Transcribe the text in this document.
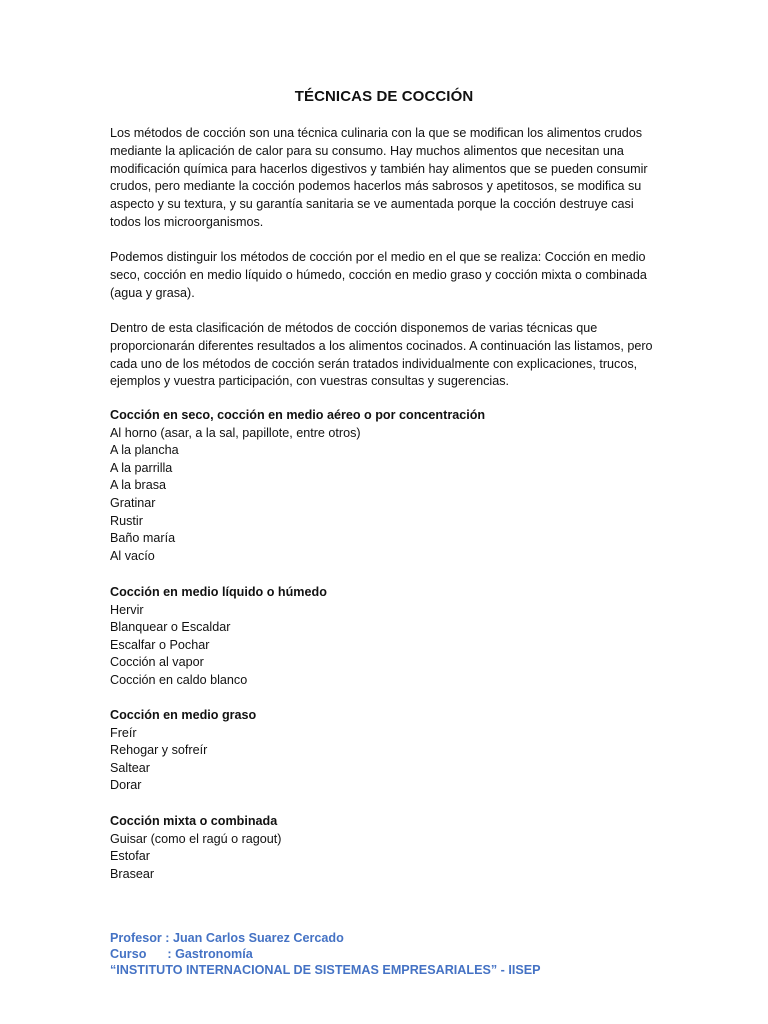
TÉCNICAS DE COCCIÓN

Los métodos de cocción son una técnica culinaria con la que se modifican los alimentos crudos mediante la aplicación de calor para su consumo. Hay muchos alimentos que necesitan una modificación química para hacerlos digestivos y también hay alimentos que se pueden consumir crudos, pero mediante la cocción podemos hacerlos más sabrosos y apetitosos, se modifica su aspecto y su textura, y su garantía sanitaria se ve aumentada porque la cocción destruye casi todos los microorganismos.

Podemos distinguir los métodos de cocción por el medio en el que se realiza: Cocción en medio seco, cocción en medio líquido o húmedo, cocción en medio graso y cocción mixta o combinada (agua y grasa).

Dentro de esta clasificación de métodos de cocción disponemos de varias técnicas que proporcionarán diferentes resultados a los alimentos cocinados. A continuación las listamos, pero cada uno de los métodos de cocción serán tratados individualmente con explicaciones, trucos, ejemplos y vuestra participación, con vuestras consultas y sugerencias.

Cocción en seco, cocción en medio aéreo o por concentración
Al horno (asar, a la sal, papillote, entre otros)
A la plancha
A la parrilla
A la brasa
Gratinar
Rustir
Baño maría
Al vacío
Cocción en medio líquido o húmedo
Hervir
Blanquear o Escaldar
Escalfar o Pochar
Cocción al vapor
Cocción en caldo blanco
Cocción en medio graso
Freír
Rehogar y sofreír
Saltear
Dorar
Cocción mixta o combinada
Guisar (como el ragú o ragout)
Estofar
Brasear
Profesor : Juan Carlos Suarez Cercado
Curso      : Gastronomía
“INSTITUTO INTERNACIONAL DE SISTEMAS EMPRESARIALES” - IISEP
